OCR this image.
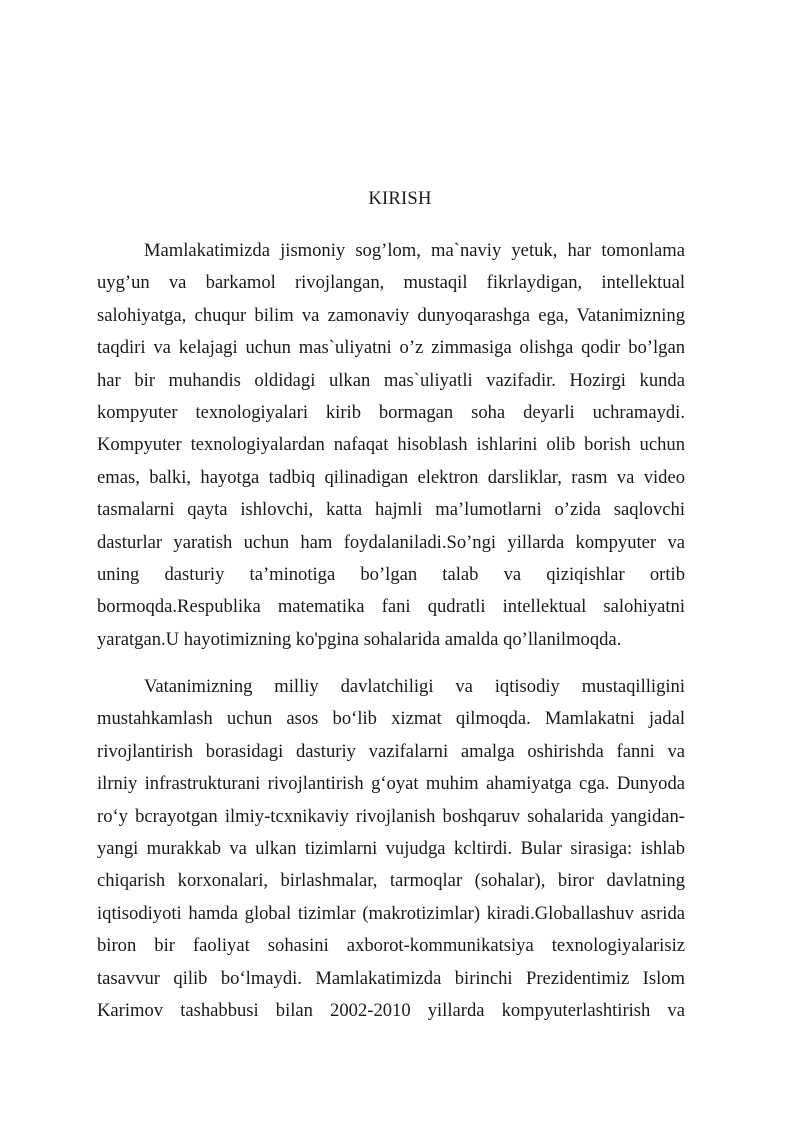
KIRISH
Mamlakatimizda jismoniy sog’lom, ma`naviy yetuk, har tomonlama
uyg’un va barkamol rivojlangan, mustaqil fikrlaydigan, intellektual
salohiyatga, chuqur bilim va zamonaviy dunyoqarashga ega, Vatanimizning
taqdiri va kelajagi uchun mas`uliyatni o’z zimmasiga olishga qodir bo’lgan
har bir muhandis oldidagi ulkan mas`uliyatli vazifadir. Hozirgi kunda
kompyuter texnologiyalari kirib bormagan soha deyarli uchramaydi.
Kompyuter texnologiyalardan nafaqat hisoblash ishlarini olib borish uchun
emas, balki, hayotga tadbiq qilinadigan elektron darsliklar, rasm va video
tasmalarni qayta ishlovchi, katta hajmli ma’lumotlarni o’zida saqlovchi
dasturlar yaratish uchun ham foydalaniladi.So’ngi yillarda kompyuter va
uning dasturiy ta’minotiga bo’lgan talab va qiziqishlar ortib
bormoqda.Respublika matematika fani qudratli intellektual salohiyatni
yaratgan.U hayotimizning ko'pgina sohalarida amalda qo’llanilmoqda.
Vatanimizning milliy davlatchiligi va iqtisodiy mustaqilligini
mustahkamlash uchun asos bo‘lib xizmat qilmoqda. Mamlakatni jadal
rivojlantirish borasidagi dasturiy vazifalarni amalga oshirishda fanni va
ilrniy infrastrukturani rivojlantirish g‘oyat muhim ahamiyatga cga. Dunyoda
ro‘y bcrayotgan ilmiy-tcxnikaviy rivojlanish boshqaruv sohalarida yangidan-
yangi murakkab va ulkan tizimlarni vujudga kcltirdi. Bular sirasiga: ishlab
chiqarish korxonalari, birlashmalar, tarmoqlar (sohalar), biror davlatning
iqtisodiyoti hamda global tizimlar (makrotizimlar) kiradi.Globallashuv asrida
biron bir faoliyat sohasini axborot-kommunikatsiya texnologiyalarisiz
tasavvur qilib bo‘lmaydi. Mamlakatimizda birinchi Prezidentimiz Islom
Karimov tashabbusi bilan 2002-2010 yillarda kompyuterlashtirish va
